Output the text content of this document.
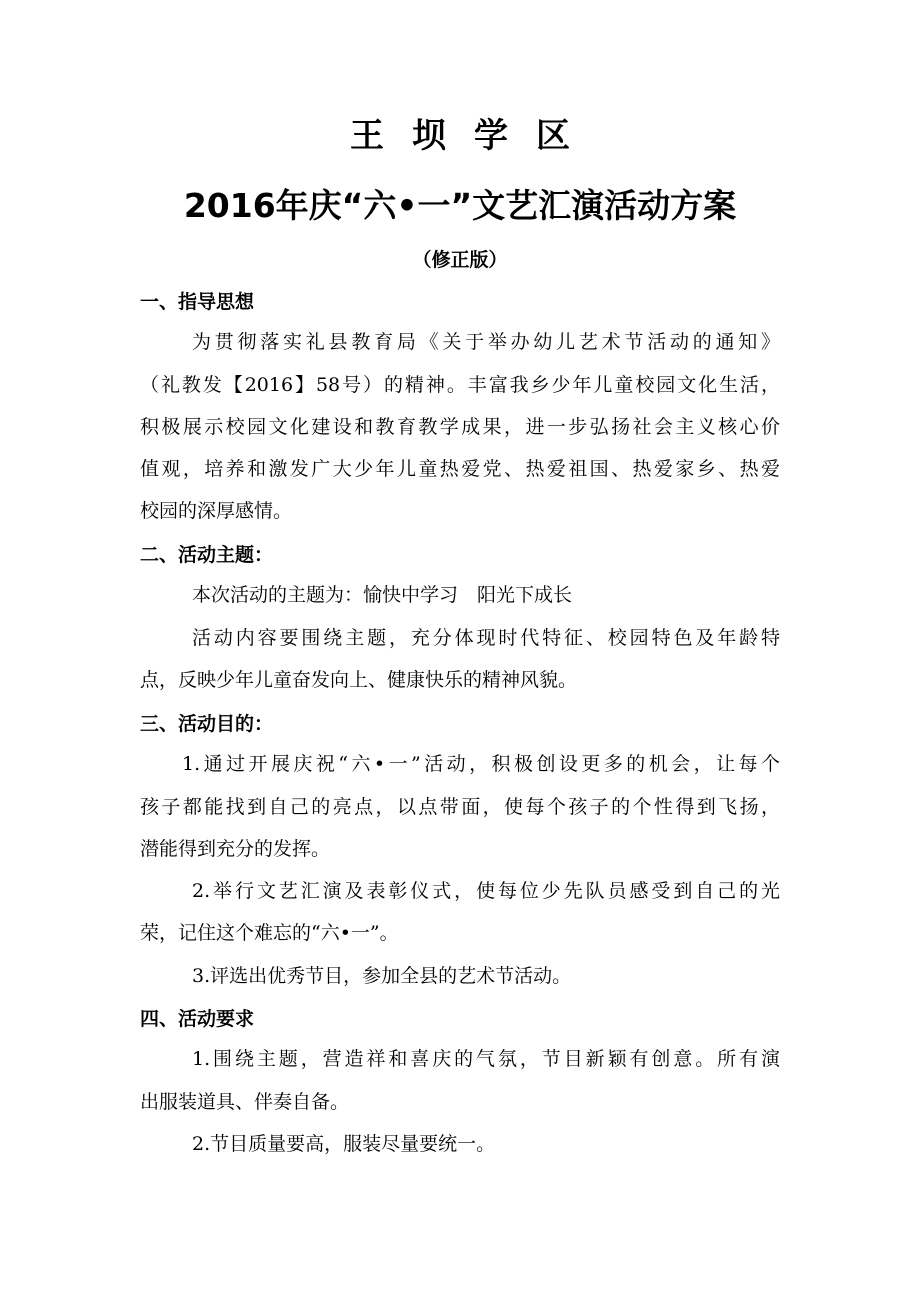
王坝学区
2016年庆“六•一”文艺汇演活动方案
（修正版）
一、指导思想
为贯彻落实礼县教育局《关于举办幼儿艺术节活动的通知》
（礼教发【2016】58号）的精神。丰富我乡少年儿童校园文化生活，
积极展示校园文化建设和教育教学成果，进一步弘扬社会主义核心价
值观，培养和激发广大少年儿童热爱党、热爱祖国、热爱家乡、热爱
校园的深厚感情。
二、活动主题：
本次活动的主题为：愉快中学习　阳光下成长
活动内容要围绕主题，充分体现时代特征、校园特色及年龄特
点，反映少年儿童奋发向上、健康快乐的精神风貌。
三、活动目的：
1.通过开展庆祝“六•一”活动，积极创设更多的机会，让每个
孩子都能找到自己的亮点，以点带面，使每个孩子的个性得到飞扬，
潜能得到充分的发挥。
2.举行文艺汇演及表彰仪式，使每位少先队员感受到自己的光
荣，记住这个难忘的“六•一”。
3.评选出优秀节目，参加全县的艺术节活动。
四、活动要求
1.围绕主题，营造祥和喜庆的气氛，节目新颖有创意。所有演
出服装道具、伴奏自备。
2.节目质量要高，服装尽量要统一。
